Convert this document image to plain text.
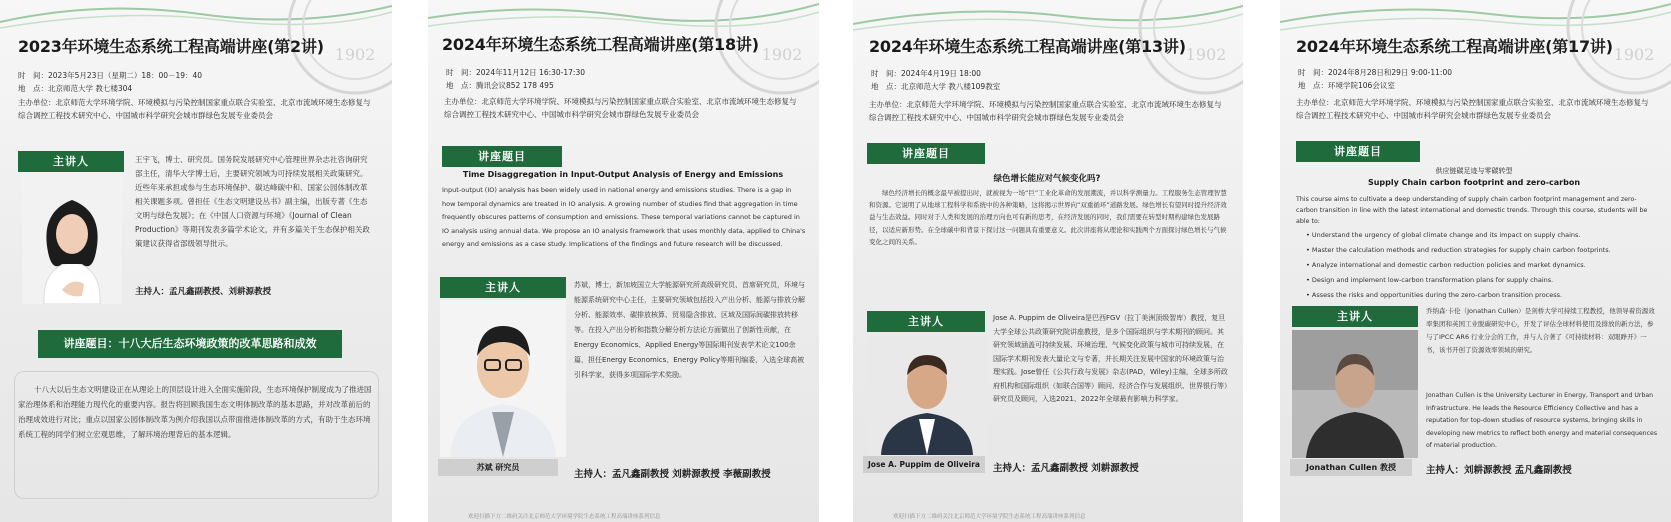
1902
2023年环境生态系统工程高端讲座(第2讲)
时　间：2023年5月23日（星期二）18：00－19：40
地　点：北京师范大学 教七楼304
主办单位：北京师范大学环境学院、环境模拟与污染控制国家重点联合实验室、北京市流域环境生态修复与综合调控工程技术研究中心、中国城市科学研究会城市群绿色发展专业委员会
主讲人	王宇飞，博士、研究员。国务院发展研究中心管理世界杂志社咨询研究部主任，清华大学博士后，主要研究领域为可持续发展相关政策研究。近些年来承担或参与生态环境保护、碳达峰碳中和、国家公园体制改革相关课题多项。曾担任《生态文明建设丛书》副主编，出版专著《生态文明与绿色发展》；在《中国人口资源与环境》《Journal of Clean Production》等期刊发表多篇学术论文，并有多篇关于生态保护相关政策建议获得省部级领导批示。
主持人：孟凡鑫副教授、刘耕源教授
讲座题目：十八大后生态环境政策的改革思路和成效
十八大以后生态文明建设正在从理论上的顶层设计进入全面实施阶段，生态环境保护制度成为了推进国家治理体系和治理能力现代化的重要内容。报告将回顾我国生态文明体制改革的基本思路，并对改革前后的治理成效进行对比；重点以国家公园体制改革为例介绍我国以点带面推进体制改革的方式，有助于生态环境系统工程的同学们树立宏观思维，了解环境治理背后的基本逻辑。
1902
2024年环境生态系统工程高端讲座(第18讲)
时　间：2024年11月12日 16:30-17:30
地　点：腾讯会议852 178 495
主办单位：北京师范大学环境学院、环境模拟与污染控制国家重点联合实验室、北京市流域环境生态修复与综合调控工程技术研究中心、中国城市科学研究会城市群绿色发展专业委员会
讲座题目
Time Disaggregation in Input-Output Analysis of Energy and Emissions
Input-output (IO) analysis has been widely used in national energy and emissions studies. There is a gap in how temporal dynamics are treated in IO analysis. A growing number of studies find that aggregation in time frequently obscures patterns of consumption and emissions. These temporal variations cannot be captured in IO analysis using annual data. We propose an IO analysis framework that uses monthly data, applied to China's energy and emissions as a case study. Implications of the findings and future research will be discussed.
主讲人
苏斌 研究员
苏斌，博士，新加坡国立大学能源研究所高级研究员、首席研究员，环境与能源系统研究中心主任，主要研究领域包括投入产出分析、能源与排放分解分析、能源效率、碳排放核算、贸易隐含排放、区域及国际间碳排放转移等。在投入产出分析和指数分解分析方法论方面做出了创新性贡献，在Energy Economics、Applied Energy等国际期刊发表学术论文100余篇，担任Energy Economics、Energy Policy等期刊编委，入选全球高被引科学家，获得多项国际学术奖励。
主持人：孟凡鑫副教授 刘耕源教授 李薇副教授
欢迎扫描下方二维码关注北京师范大学环境学院生态系统工程高端讲座系列信息
1902
2024年环境生态系统工程高端讲座(第13讲)
时　间：2024年4月19日 18:00
地　点：北京师范大学 教八楼109教室
主办单位：北京师范大学环境学院、环境模拟与污染控制国家重点联合实验室、北京市流域环境生态修复与综合调控工程技术研究中心、中国城市科学研究会城市群绿色发展专业委员会
讲座题目
绿色增长能应对气候变化吗?
绿色经济增长的概念最早被提出时，就被视为一场“巨”工业化革命的发展潮流，并以科学测量力。工程服务生态管理智慧和资源。它说明了从地球工程科学和系统中的各种策略，这将揭示世界向“双重循环”道路发展。绿色增长有望同时提升经济效益与生态效益。同时对于人类和发展的治理方向也可有新的思考，在经济发展的同时，我们需要在转型时期构建绿色发展路径，以适应新形势。在全球碳中和背景下探讨这一问题具有重要意义。此次讲座将从理论和实践两个方面探讨绿色增长与气候变化之间的关系。
主讲人
Jose A. Puppim de Oliveira
Jose A. Puppim de Oliveira是巴西FGV（拉丁美洲顶级智库）教授，复旦大学全球公共政策研究院讲座教授，是多个国际组织与学术期刊的顾问。其研究领域涵盖可持续发展、环境治理、气候变化政策与城市可持续发展，在国际学术期刊发表大量论文与专著，并长期关注发展中国家的环境政策与治理实践。Jose曾任《公共行政与发展》杂志(PAD，Wiley)主编，全球多所政府机构和国际组织（如联合国等）顾问、经济合作与发展组织、世界银行等）研究员及顾问，入选2021、2022年全球最有影响力科学家。
主持人：孟凡鑫副教授 刘耕源教授
欢迎扫描下方二维码关注北京师范大学环境学院生态系统工程高端讲座系列信息
1902
2024年环境生态系统工程高端讲座(第17讲)
时　间：2024年8月28日和29日 9:00-11:00
地　点：环境学院106会议室
主办单位：北京师范大学环境学院、环境模拟与污染控制国家重点联合实验室、北京市流域环境生态修复与综合调控工程技术研究中心、中国城市科学研究会城市群绿色发展专业委员会
讲座题目
供应链碳足迹与零碳转型
Supply Chain carbon footprint and zero-carbon
This course aims to cultivate a deep understanding of supply chain carbon footprint management and zero-carbon transition in line with the latest international and domestic trends. Through this course, students will be able to:
• Understand the urgency of global climate change and its impact on supply chains.
• Master the calculation methods and reduction strategies for supply chain carbon footprints.
• Analyze international and domestic carbon reduction policies and market dynamics.
• Design and implement low-carbon transformation plans for supply chains.
• Assess the risks and opportunities during the zero-carbon transition process.
主讲人
Jonathan Cullen 教授
乔纳森·卡伦（Jonathan Cullen）是剑桥大学可持续工程教授，他领导着资源效率集团和英国工业脱碳研究中心，开发了评估全球材料使用及排放的新方法，参与了IPCC AR6 行业分会的工作，并与人合著了《可持续材料：双眼睁开》一书，该书开创了资源效率领域的研究。
Jonathan Cullen is the University Lecturer in Energy, Transport and Urban Infrastructure. He leads the Resource Efficiency Collective and has a reputation for top-down studies of resource systems, bringing skills in developing new metrics to reflect both energy and material consequences of material production.
主持人：刘耕源教授 孟凡鑫副教授
